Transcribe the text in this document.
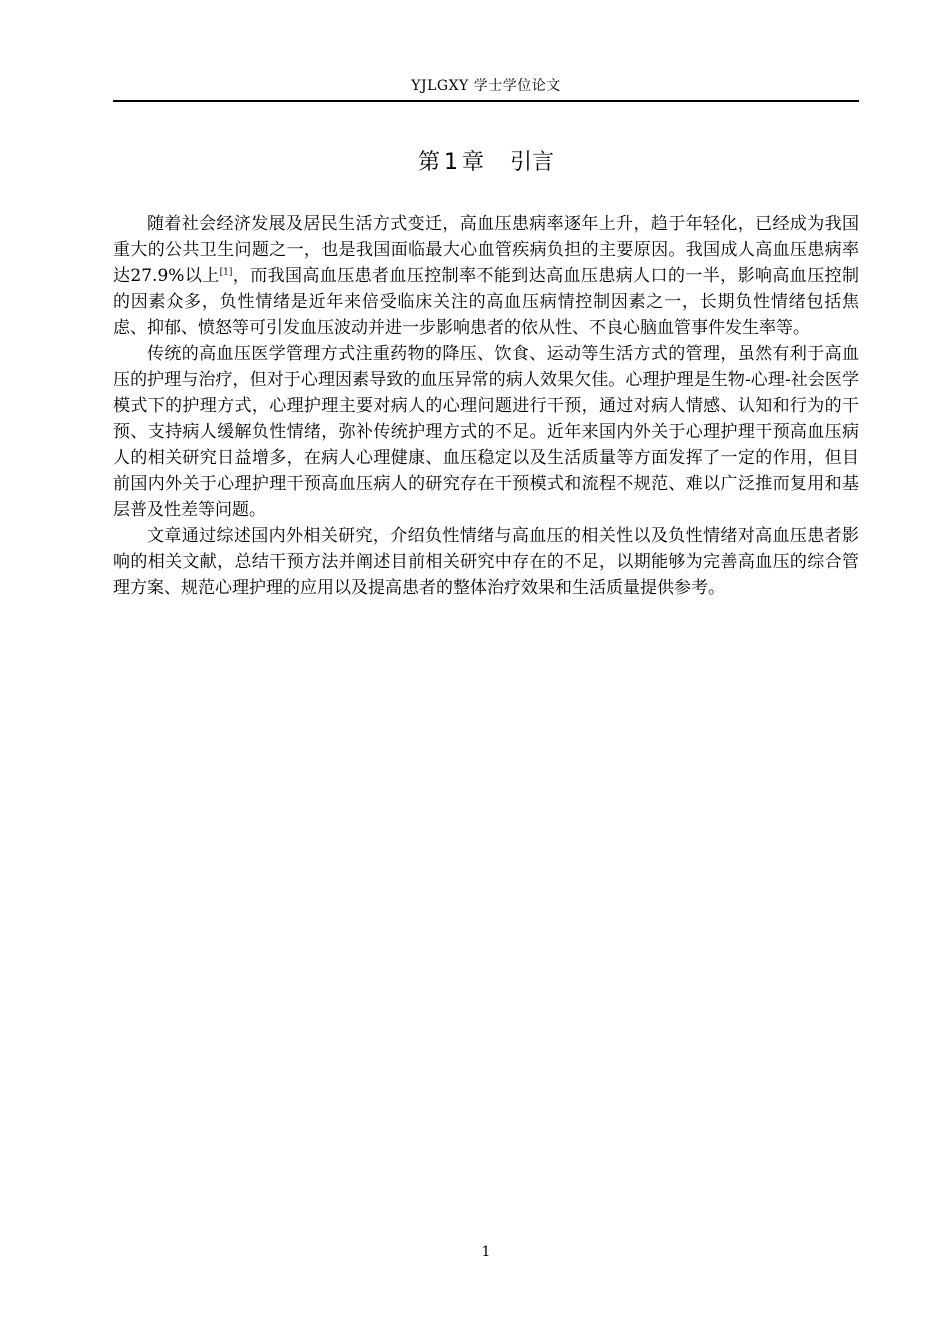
YJLGXY 学士学位论文
第 1 章 引言

随着社会经济发展及居民生活方式变迁，高血压患病率逐年上升，趋于年轻化，已经成为我国重大的公共卫生问题之一，也是我国面临最大心血管疾病负担的主要原因。我国成人高血压患病率达27.9%以上[1]，而我国高血压患者血压控制率不能到达高血压患病人口的一半，影响高血压控制的因素众多，负性情绪是近年来倍受临床关注的高血压病情控制因素之一，长期负性情绪包括焦虑、抑郁、愤怒等可引发血压波动并进一步影响患者的依从性、不良心脑血管事件发生率等。

传统的高血压医学管理方式注重药物的降压、饮食、运动等生活方式的管理，虽然有利于高血压的护理与治疗，但对于心理因素导致的血压异常的病人效果欠佳。心理护理是生物-心理-社会医学模式下的护理方式，心理护理主要对病人的心理问题进行干预，通过对病人情感、认知和行为的干预、支持病人缓解负性情绪，弥补传统护理方式的不足。近年来国内外关于心理护理干预高血压病人的相关研究日益增多，在病人心理健康、血压稳定以及生活质量等方面发挥了一定的作用，但目前国内外关于心理护理干预高血压病人的研究存在干预模式和流程不规范、难以广泛推而复用和基层普及性差等问题。

文章通过综述国内外相关研究，介绍负性情绪与高血压的相关性以及负性情绪对高血压患者影响的相关文献，总结干预方法并阐述目前相关研究中存在的不足，以期能够为完善高血压的综合管理方案、规范心理护理的应用以及提高患者的整体治疗效果和生活质量提供参考。

1
